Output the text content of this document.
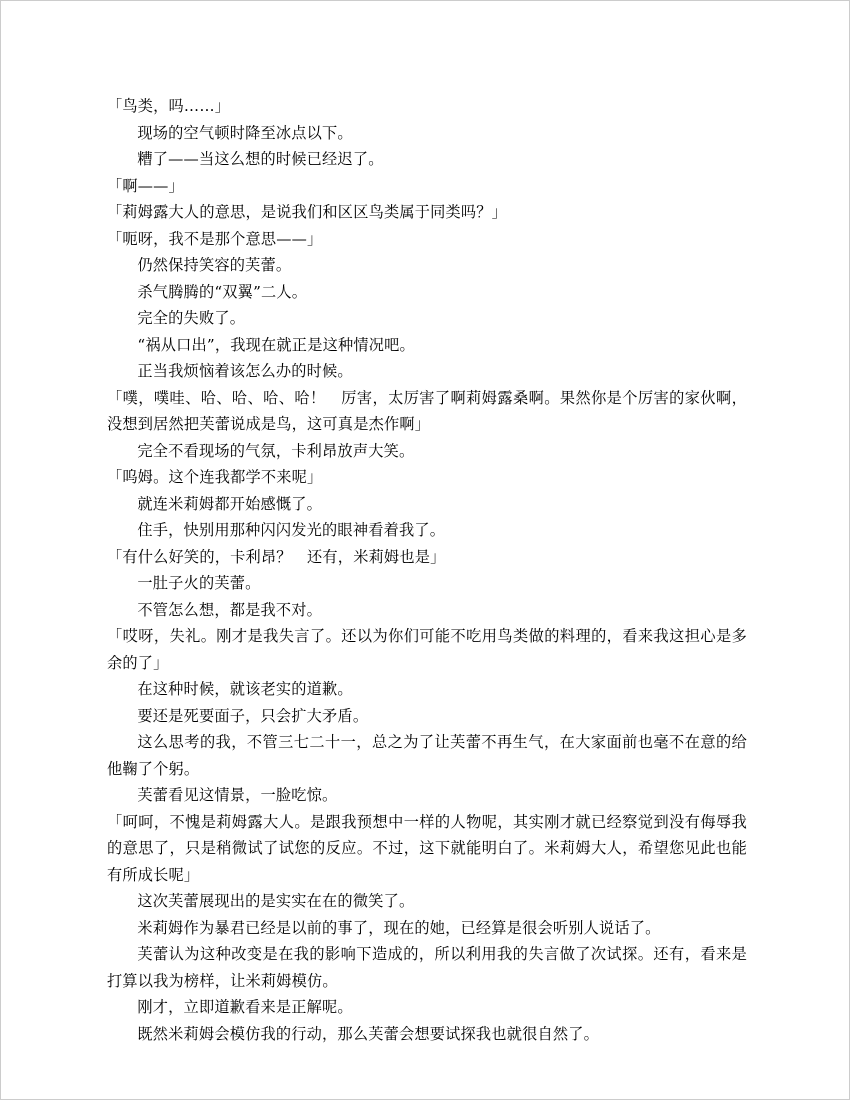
「鸟类，吗……」

现场的空气顿时降至冰点以下。

糟了——当这么想的时候已经迟了。

「啊——」

「莉姆露大人的意思，是说我们和区区鸟类属于同类吗？」

「呃呀，我不是那个意思——」

仍然保持笑容的芙蕾。

杀气腾腾的“双翼”二人。

完全的失败了。

“祸从口出”，我现在就正是这种情况吧。

正当我烦恼着该怎么办的时候。

「噗，噗哇、哈、哈、哈、哈！　厉害，太厉害了啊莉姆露桑啊。果然你是个厉害的家伙啊，没想到居然把芙蕾说成是鸟，这可真是杰作啊」

完全不看现场的气氛，卡利昂放声大笑。

「呜姆。这个连我都学不来呢」

就连米莉姆都开始感慨了。

住手，快别用那种闪闪发光的眼神看着我了。

「有什么好笑的，卡利昂？　还有，米莉姆也是」

一肚子火的芙蕾。

不管怎么想，都是我不对。

「哎呀，失礼。刚才是我失言了。还以为你们可能不吃用鸟类做的料理的，看来我这担心是多余的了」

在这种时候，就该老实的道歉。

要还是死要面子，只会扩大矛盾。

这么思考的我，不管三七二十一，总之为了让芙蕾不再生气，在大家面前也毫不在意的给他鞠了个躬。

芙蕾看见这情景，一脸吃惊。

「呵呵，不愧是莉姆露大人。是跟我预想中一样的人物呢，其实刚才就已经察觉到没有侮辱我的意思了，只是稍微试了试您的反应。不过，这下就能明白了。米莉姆大人，希望您见此也能有所成长呢」

这次芙蕾展现出的是实实在在的微笑了。

米莉姆作为暴君已经是以前的事了，现在的她，已经算是很会听别人说话了。

芙蕾认为这种改变是在我的影响下造成的，所以利用我的失言做了次试探。还有，看来是打算以我为榜样，让米莉姆模仿。

刚才，立即道歉看来是正解呢。

既然米莉姆会模仿我的行动，那么芙蕾会想要试探我也就很自然了。
